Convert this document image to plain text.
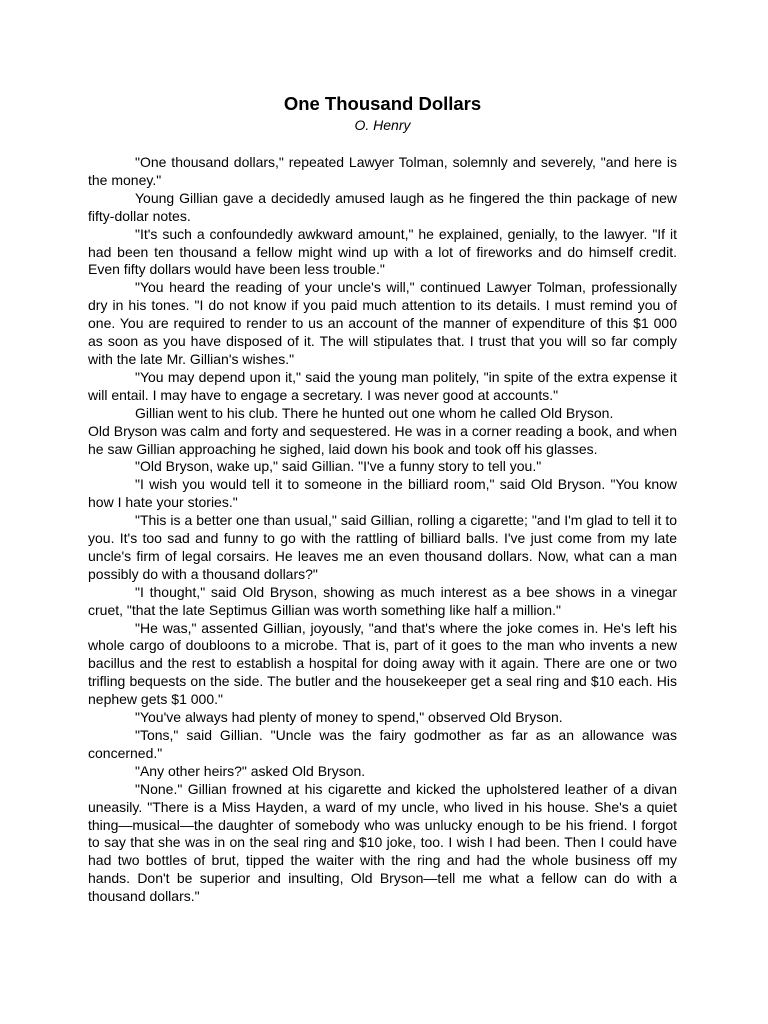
One Thousand Dollars
O. Henry

"One thousand dollars," repeated Lawyer Tolman, solemnly and severely, "and here is the money."

Young Gillian gave a decidedly amused laugh as he fingered the thin package of new fifty-dollar notes.

"It's such a confoundedly awkward amount," he explained, genially, to the lawyer. "If it had been ten thousand a fellow might wind up with a lot of fireworks and do himself credit. Even fifty dollars would have been less trouble."

"You heard the reading of your uncle's will," continued Lawyer Tolman, professionally dry in his tones. "I do not know if you paid much attention to its details. I must remind you of one. You are required to render to us an account of the manner of expenditure of this $1 000 as soon as you have disposed of it. The will stipulates that. I trust that you will so far comply with the late Mr. Gillian's wishes."

"You may depend upon it," said the young man politely, "in spite of the extra expense it will entail. I may have to engage a secretary. I was never good at accounts."

Gillian went to his club. There he hunted out one whom he called Old Bryson.

Old Bryson was calm and forty and sequestered. He was in a corner reading a book, and when he saw Gillian approaching he sighed, laid down his book and took off his glasses.

"Old Bryson, wake up," said Gillian. "I've a funny story to tell you."

"I wish you would tell it to someone in the billiard room," said Old Bryson. "You know how I hate your stories."

"This is a better one than usual," said Gillian, rolling a cigarette; "and I'm glad to tell it to you. It's too sad and funny to go with the rattling of billiard balls. I've just come from my late uncle's firm of legal corsairs. He leaves me an even thousand dollars. Now, what can a man possibly do with a thousand dollars?"

"I thought," said Old Bryson, showing as much interest as a bee shows in a vinegar cruet, "that the late Septimus Gillian was worth something like half a million."

"He was," assented Gillian, joyously, "and that's where the joke comes in. He's left his whole cargo of doubloons to a microbe. That is, part of it goes to the man who invents a new bacillus and the rest to establish a hospital for doing away with it again. There are one or two trifling bequests on the side. The butler and the housekeeper get a seal ring and $10 each. His nephew gets $1 000."

"You've always had plenty of money to spend," observed Old Bryson.

"Tons," said Gillian. "Uncle was the fairy godmother as far as an allowance was concerned."

"Any other heirs?" asked Old Bryson.

"None." Gillian frowned at his cigarette and kicked the upholstered leather of a divan uneasily. "There is a Miss Hayden, a ward of my uncle, who lived in his house. She's a quiet thing—musical—the daughter of somebody who was unlucky enough to be his friend. I forgot to say that she was in on the seal ring and $10 joke, too. I wish I had been. Then I could have had two bottles of brut, tipped the waiter with the ring and had the whole business off my hands. Don't be superior and insulting, Old Bryson—tell me what a fellow can do with a thousand dollars."
